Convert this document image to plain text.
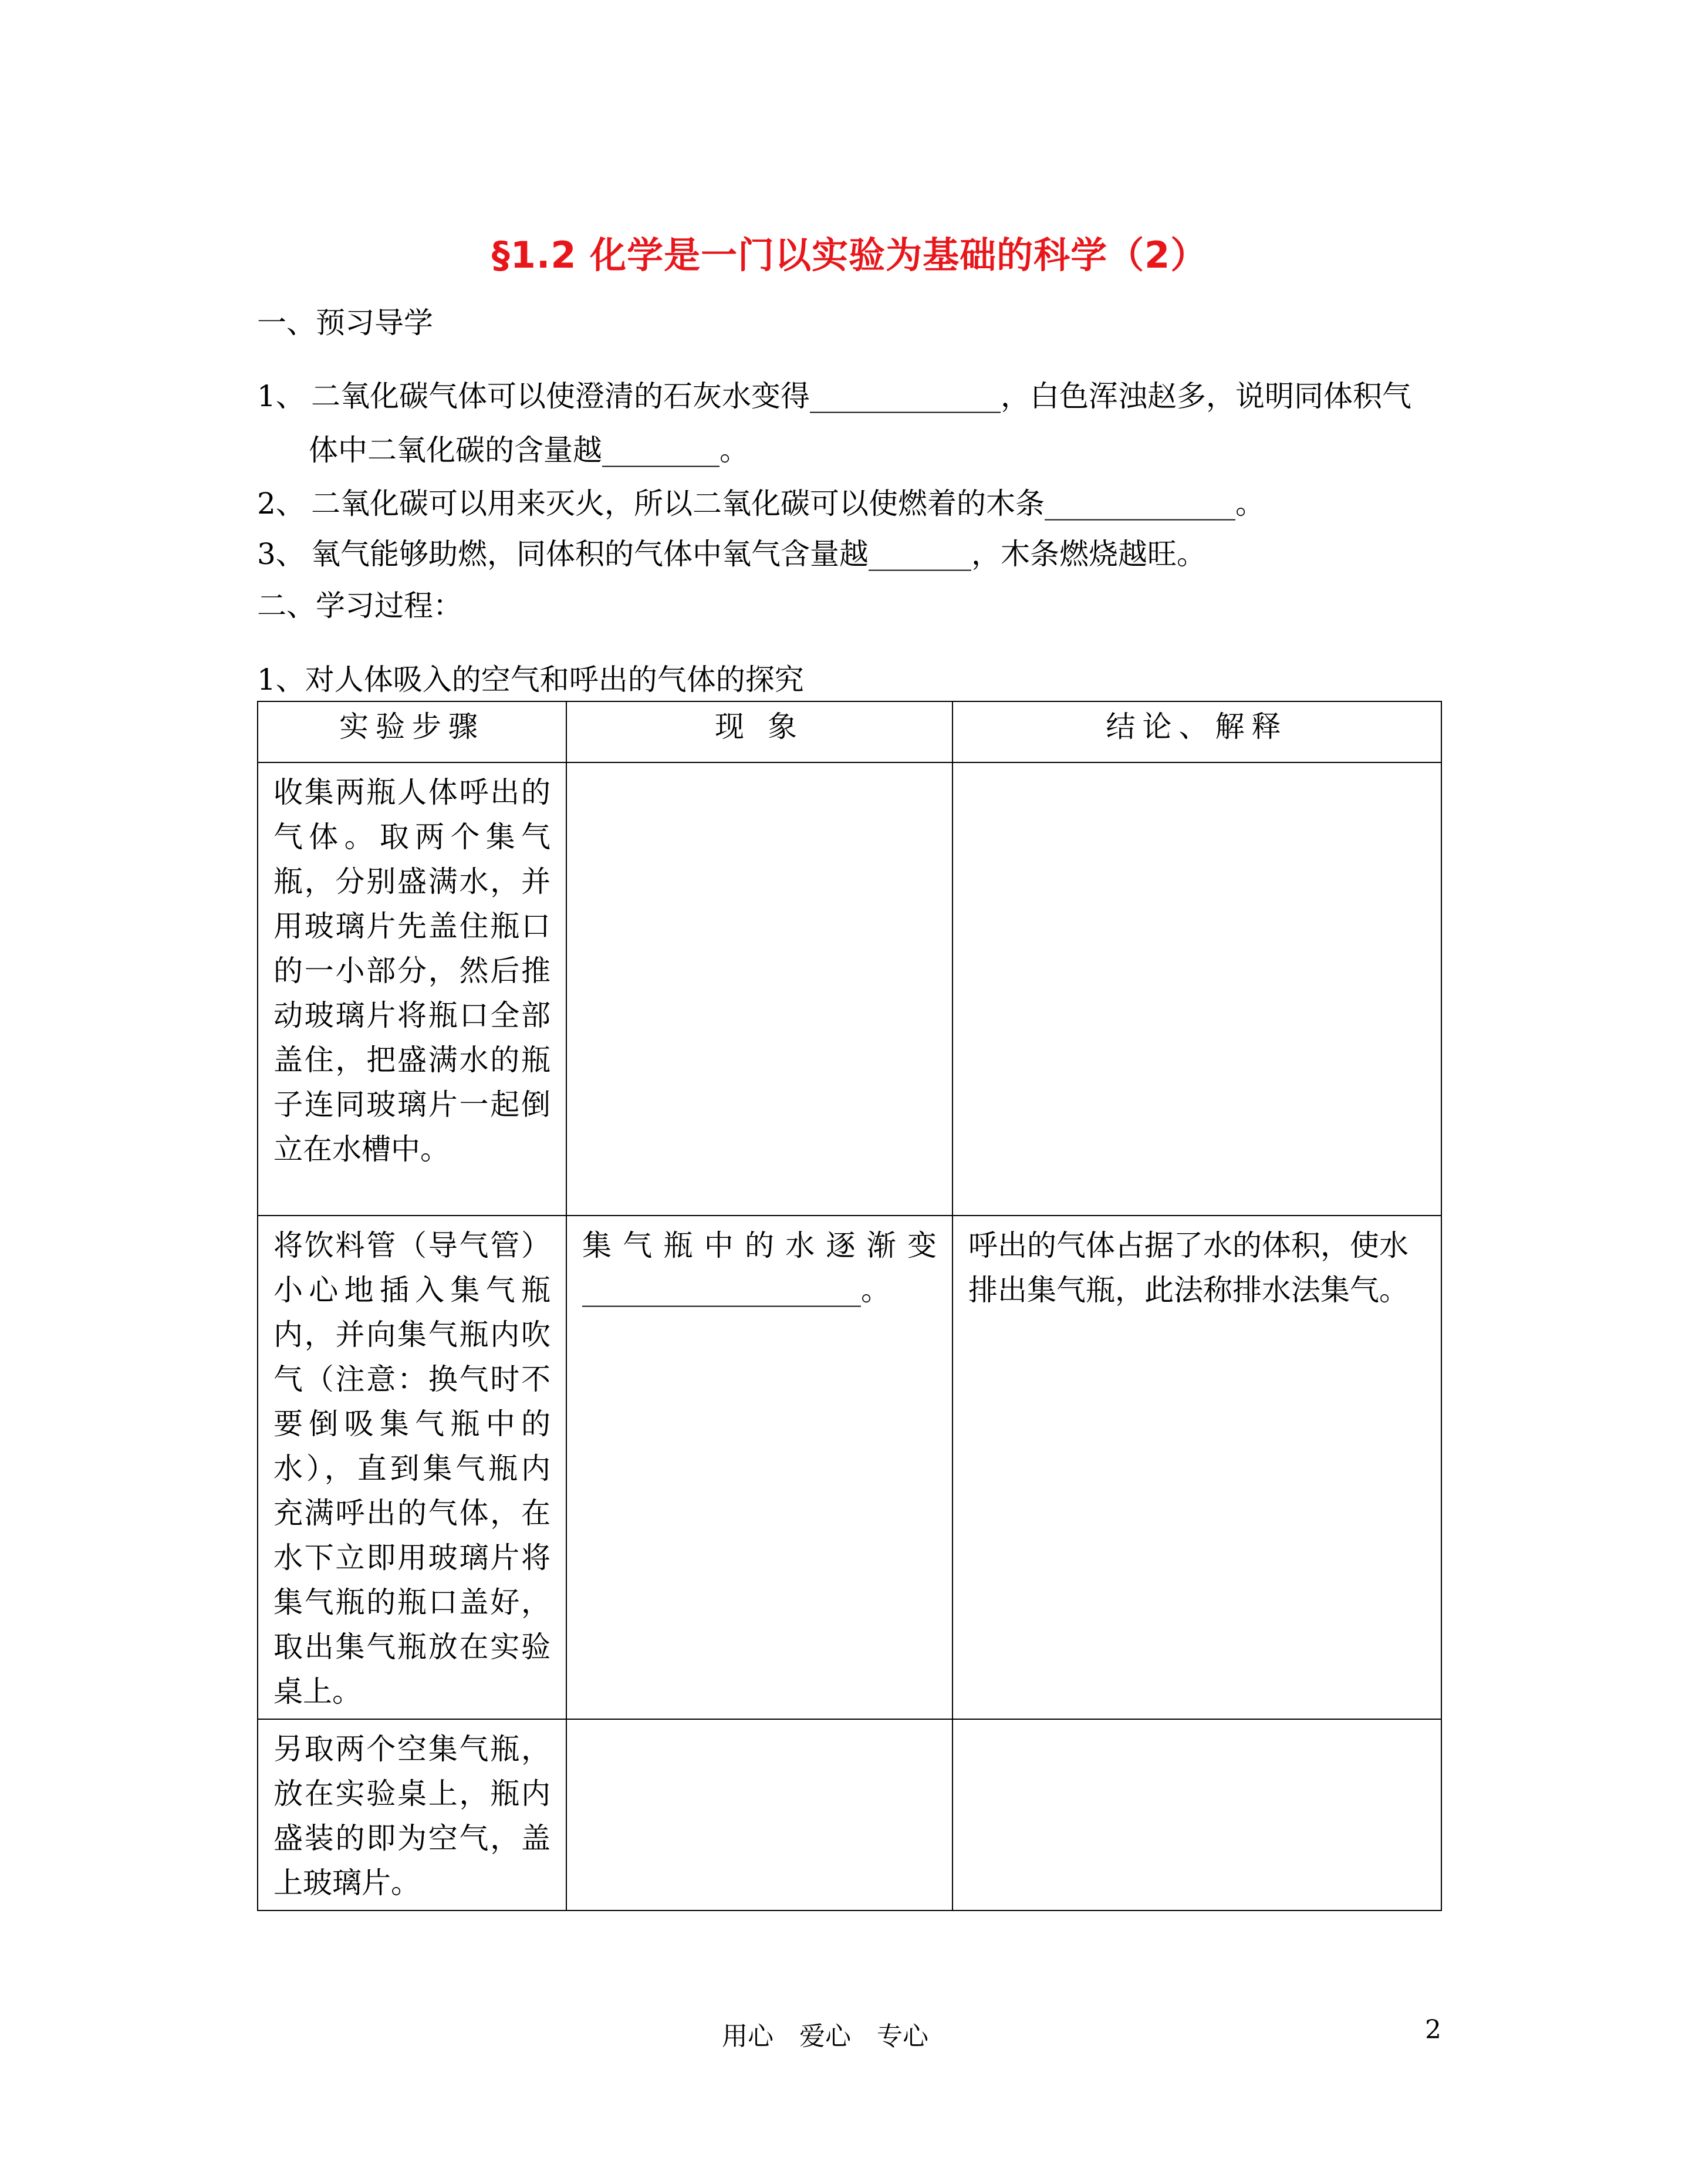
§1.2 化学是一门以实验为基础的科学（2）
一、预习导学
1、 二氧化碳气体可以使澄清的石灰水变得_____________，白色浑浊赵多，说明同体积气
体中二氧化碳的含量越________。
2、 二氧化碳可以用来灭火，所以二氧化碳可以使燃着的木条_____________。
3、 氧气能够助燃，同体积的气体中氧气含量越_______，木条燃烧越旺。
二、学习过程：
1、对人体吸入的空气和呼出的气体的探究
实验步骤	现 象	结论、解释
收集两瓶人体呼出的气体。取两个集气瓶，分别盛满水，并用玻璃片先盖住瓶口的一小部分，然后推动玻璃片将瓶口全部盖住，把盛满水的瓶子连同玻璃片一起倒立在水槽中。		
将饮料管（导气管）小心地插入集气瓶内，并向集气瓶内吹气（注意：换气时不要倒吸集气瓶中的水），直到集气瓶内充满呼出的气体，在水下立即用玻璃片将集气瓶的瓶口盖好，取出集气瓶放在实验桌上。	集气瓶中的水逐渐变___________________。	呼出的气体占据了水的体积，使水排出集气瓶，此法称排水法集气。
另取两个空集气瓶，放在实验桌上，瓶内盛装的即为空气，盖上玻璃片。		
用心　爱心　专心	2
